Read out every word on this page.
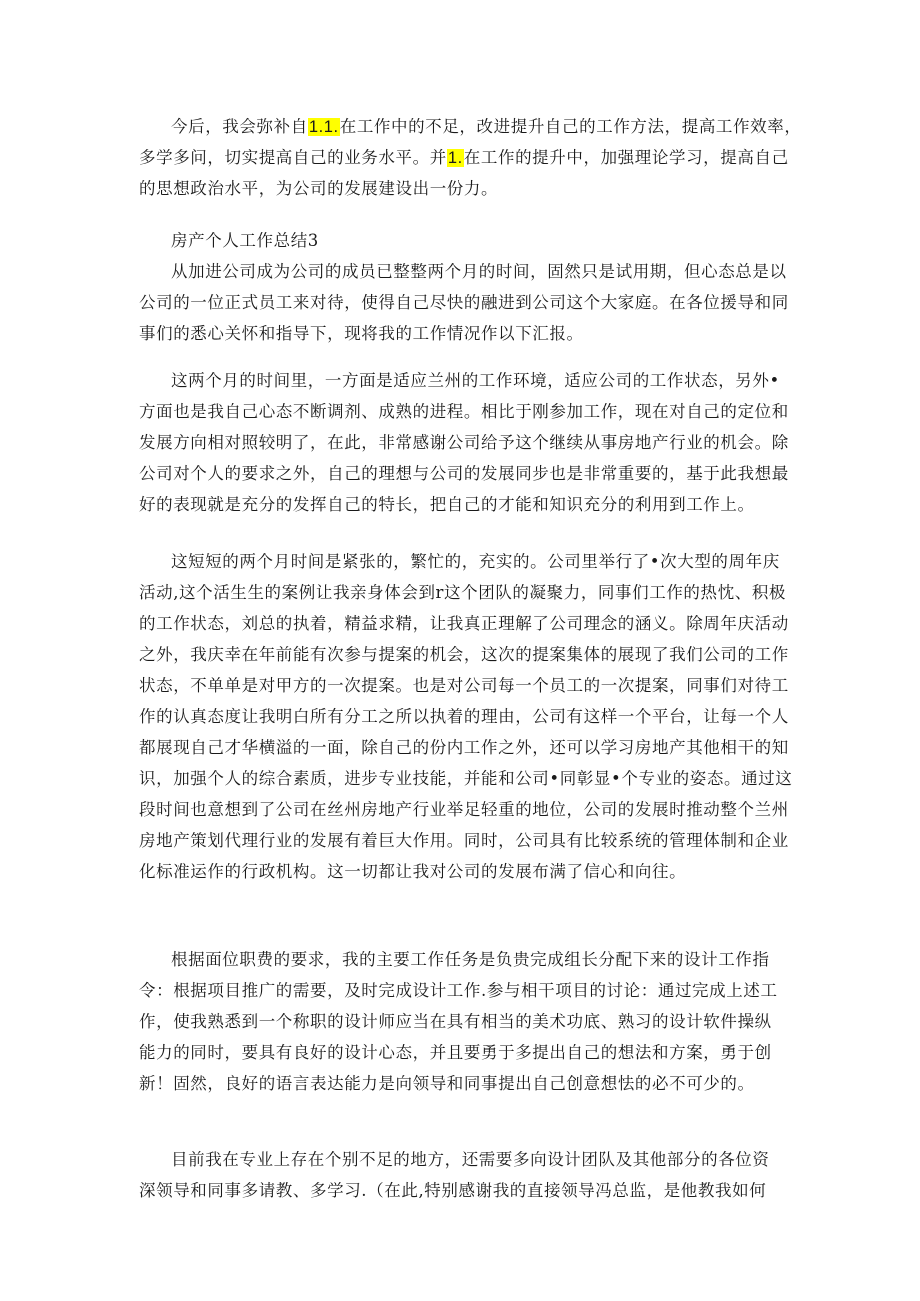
今后，我会弥补自1.1.在工作中的不足，改进提升自己的工作方法，提高工作效率，
多学多问，切实提高自己的业务水平。并1.在工作的提升中，加强理论学习，提高自己
的思想政治水平，为公司的发展建设出一份力。
房产个人工作总结3
从加进公司成为公司的成员已整整两个月的时间，固然只是试用期，但心态总是以
公司的一位正式员工来对待，使得自己尽快的融进到公司这个大家庭。在各位援导和同
事们的悉心关怀和指导下，现将我的工作情况作以下汇报。
这两个月的时间里，一方面是适应兰州的工作环境，适应公司的工作状态，另外•
方面也是我自己心态不断调剂、成熟的进程。相比于刚参加工作，现在对自己的定位和
发展方向相对照较明了，在此，非常感谢公司给予这个继续从事房地产行业的机会。除
公司对个人的要求之外，自己的理想与公司的发展同步也是非常重要的，基于此我想最
好的表现就是充分的发挥自己的特长，把自己的才能和知识充分的利用到工作上。
这短短的两个月时间是紧张的，繁忙的，充实的。公司里举行了•次大型的周年庆
活动,这个活生生的案例让我亲身体会到r这个团队的凝聚力，同事们工作的热忱、积极
的工作状态，刘总的执着，精益求精，让我真正理解了公司理念的涵义。除周年庆活动
之外，我庆幸在年前能有次参与提案的机会，这次的提案集体的展现了我们公司的工作
状态，不单单是对甲方的一次提案。也是对公司每一个员工的一次提案，同事们对待工
作的认真态度让我明白所有分工之所以执着的理由，公司有这样一个平台，让每一个人
都展现自己才华横溢的一面，除自己的份内工作之外，还可以学习房地产其他相干的知
识，加强个人的综合素质，进步专业技能，并能和公司•同彰显•个专业的姿态。通过这
段时间也意想到了公司在丝州房地产行业举足轻重的地位，公司的发展时推动整个兰州
房地产策划代理行业的发展有着巨大作用。同时，公司具有比较系统的管理体制和企业
化标准运作的行政机构。这一切都让我对公司的发展布满了信心和向往。
根据面位职费的要求，我的主要工作任务是负贵完成组长分配下来的设计工作指
令：根据项目推广的需要，及时完成设计工作.参与相干项目的讨论：通过完成上述工
作，使我熟悉到一个称职的设计师应当在具有相当的美术功底、熟习的设计软件操纵
能力的同时，要具有良好的设计心态，并且要勇于多提出自己的想法和方案，勇于创
新！固然，良好的语言表达能力是向领导和同事提出自己创意想怯的必不可少的。
目前我在专业上存在个别不足的地方，还需要多向设计团队及其他部分的各位资
深领导和同事多请教、多学习.（在此,特别感谢我的直接领导冯总监，是他教我如何
